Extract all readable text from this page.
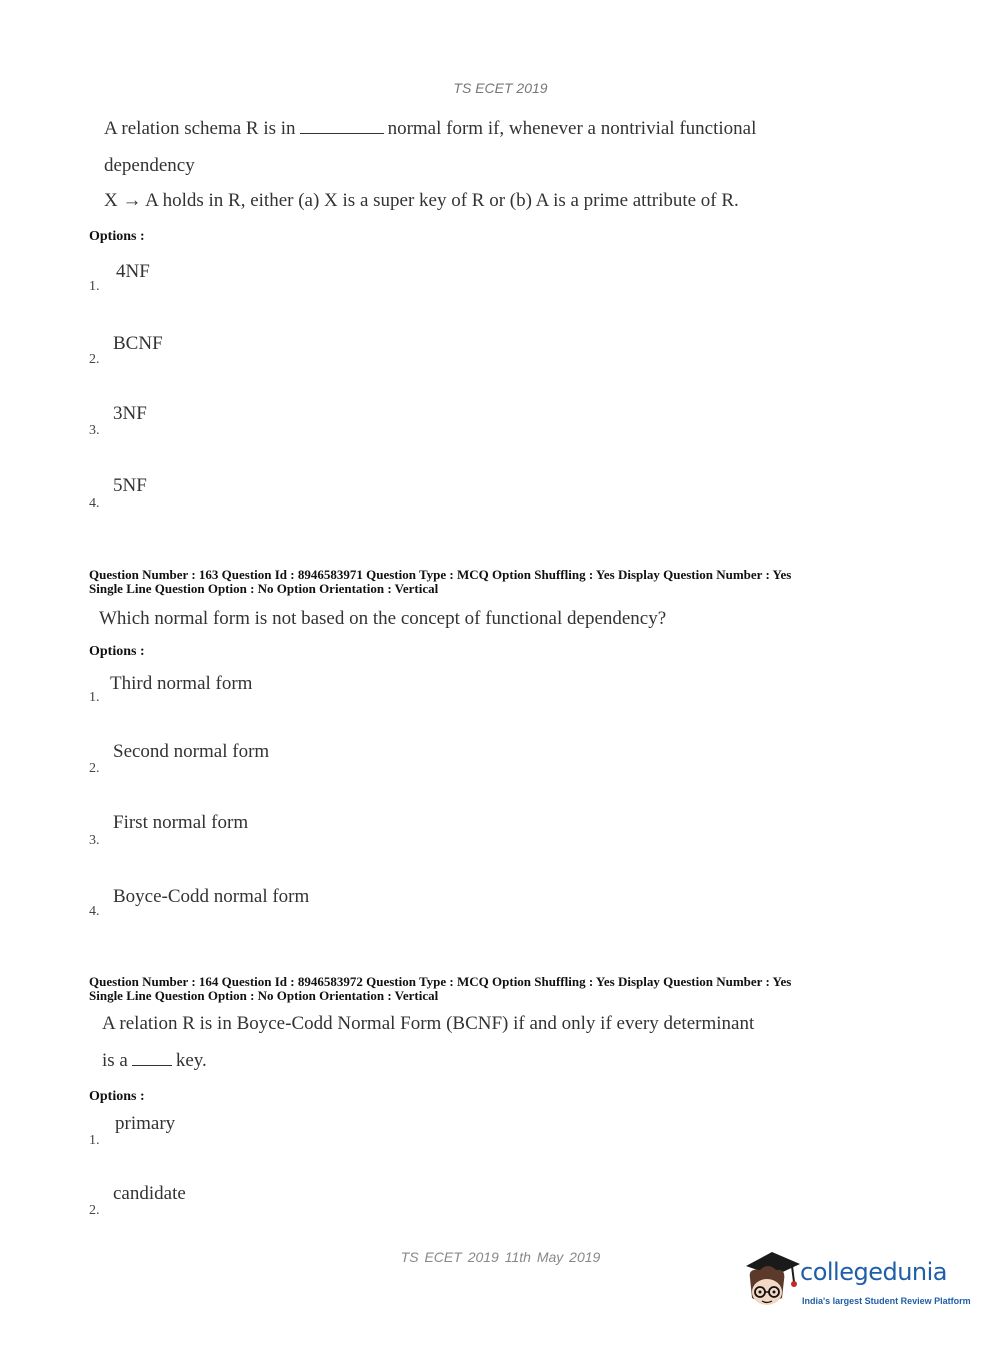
TS ECET 2019
A relation schema R is in	normal form if, whenever a nontrivial functional
dependency
X → A holds in R, either (a) X is a super key of R or (b) A is a prime attribute of R.
Options :
4NF
1.
BCNF
2.
3NF
3.
5NF
4.
Question Number : 163 Question Id : 8946583971 Question Type : MCQ Option Shuffling : Yes Display Question Number : Yes
Single Line Question Option : No Option Orientation : Vertical
Which normal form is not based on the concept of functional dependency?
Options :
Third normal form
1.
Second normal form
2.
First normal form
3.
Boyce-Codd normal form
4.
Question Number : 164 Question Id : 8946583972 Question Type : MCQ Option Shuffling : Yes Display Question Number : Yes
Single Line Question Option : No Option Orientation : Vertical
A relation R is in Boyce-Codd Normal Form (BCNF) if and only if every determinant
is a	key.
Options :
primary
1.
candidate
2.
TS ECET 2019 11th May 2019
collegedunia
India's largest Student Review Platform
